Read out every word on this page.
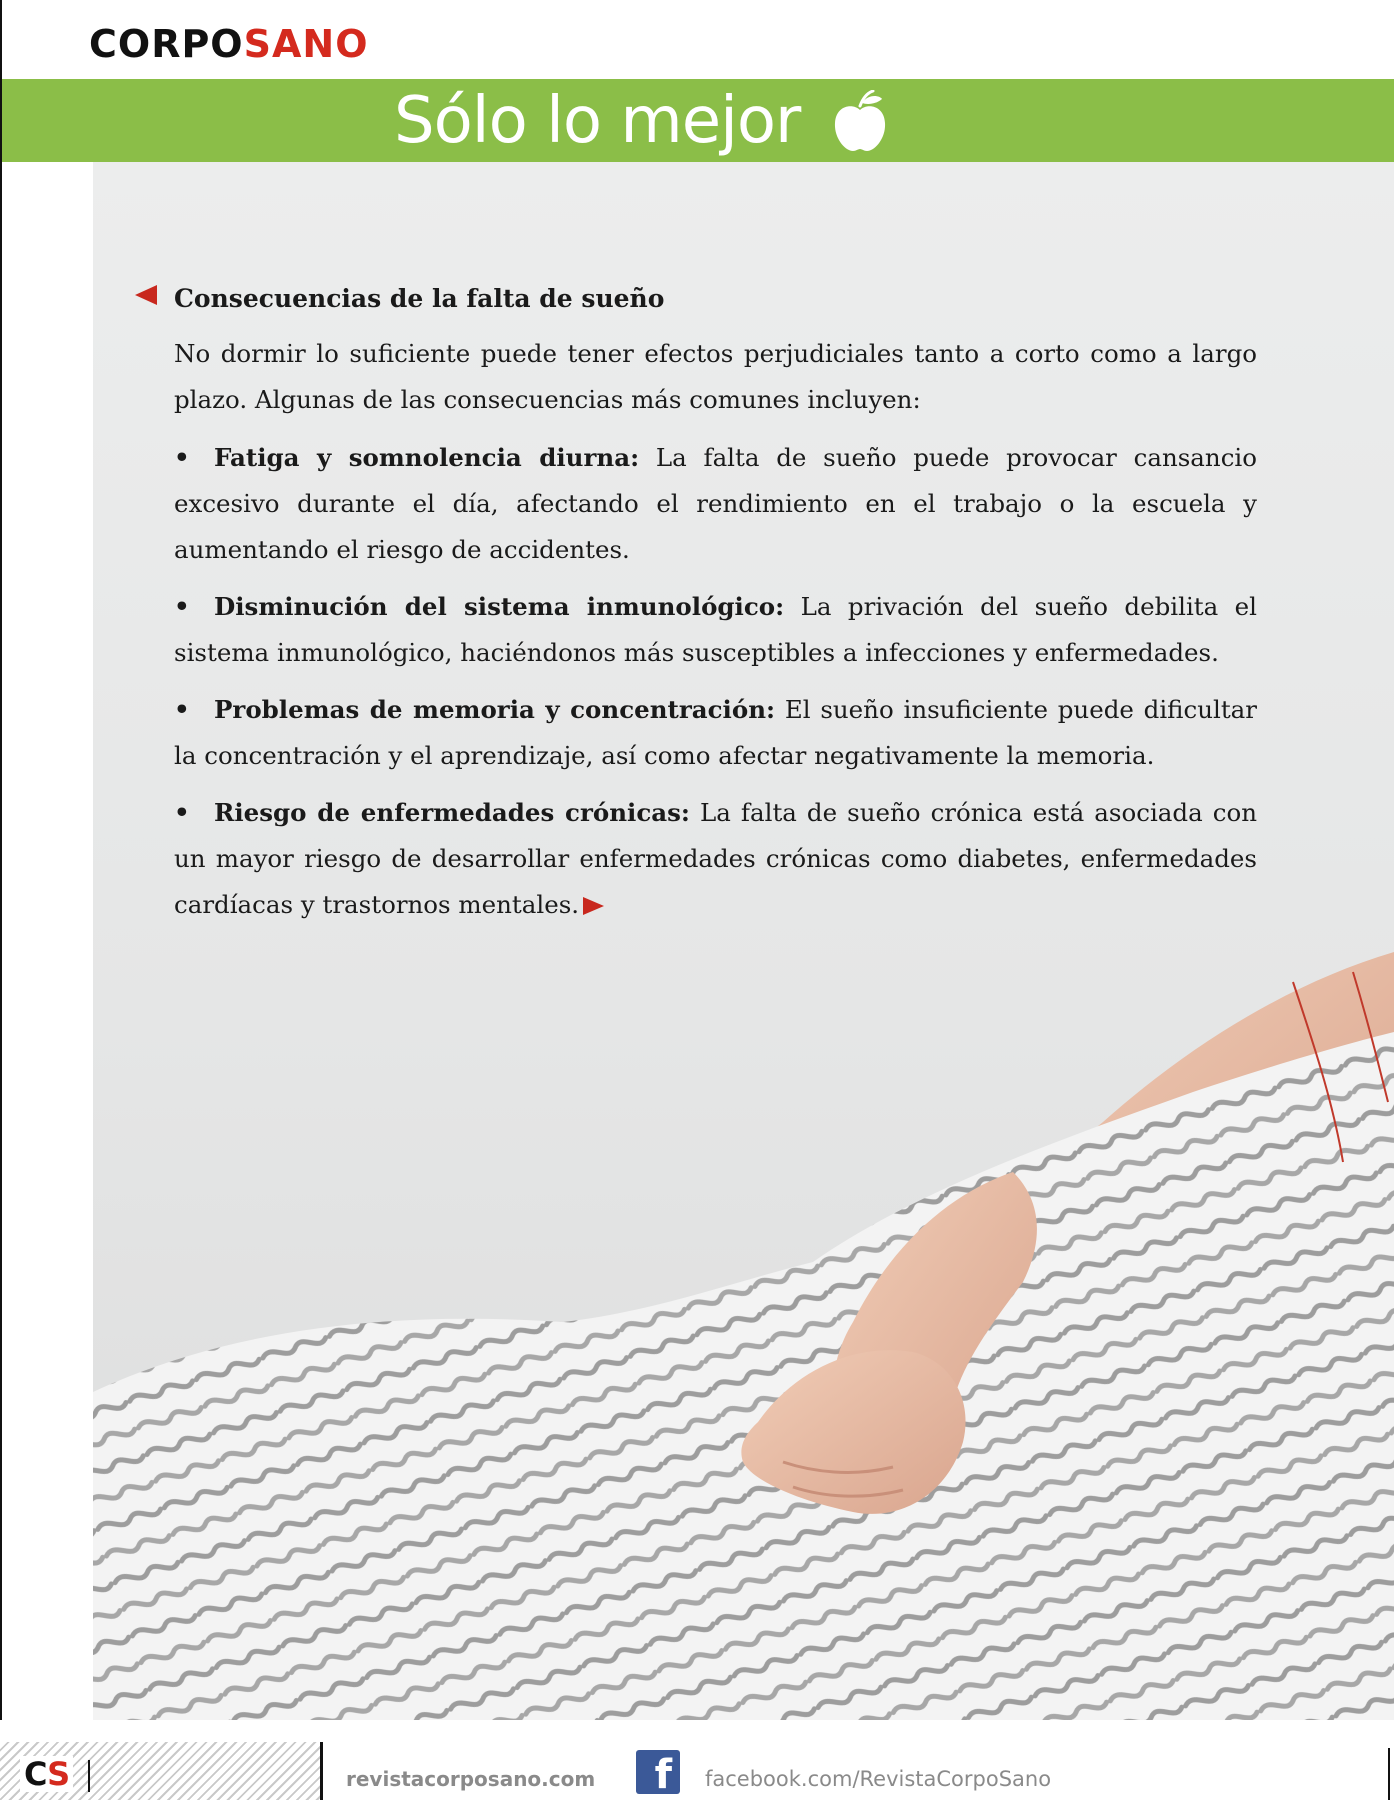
CORPOSANO
Sólo lo mejor
Consecuencias de la falta de sueño

No dormir lo suficiente puede tener efectos perjudiciales tanto a corto como a largo plazo. Algunas de las consecuencias más comunes incluyen:

• Fatiga y somnolencia diurna: La falta de sueño puede provocar cansancio excesivo durante el día, afectando el rendimiento en el trabajo o la escuela y aumentando el riesgo de accidentes.
• Disminución del sistema inmunológico: La privación del sueño debilita el sistema inmunológico, haciéndonos más susceptibles a infecciones y enfermedades.
• Problemas de memoria y concentración: El sueño insuficiente puede dificultar la concentración y el aprendizaje, así como afectar negativamente la memoria.
• Riesgo de enfermedades crónicas: La falta de sueño crónica está asociada con un mayor riesgo de desarrollar enfermedades crónicas como diabetes, enfermedades cardíacas y trastornos mentales.
CS	revistacorposano.com	f	facebook.com/RevistaCorpoSano
